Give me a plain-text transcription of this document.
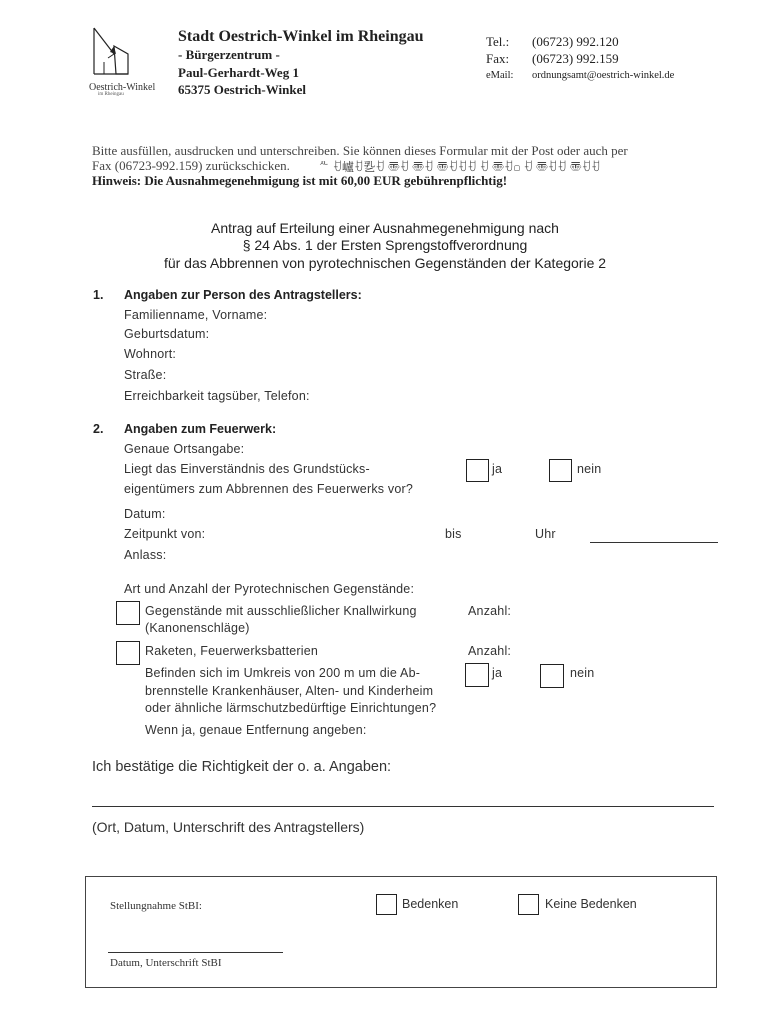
Oestrich-Winkel
im Rheingau
Stadt Oestrich-Winkel im Rheingau
- Bürgerzentrum -
Paul-Gerhardt-Weg 1
65375 Oestrich-Winkel
Tel.: (06723) 992.120
Fax: (06723) 992.159
eMail: ordnungsamt@oestrich-winkel.de
Bitte ausfüllen, ausdrucken und unterschreiben. Sie können dieses Formular mit der Post oder auch per
Fax (06723-992.159) zurückschicken. ᄮ ꀀ㠠ꀀ㐠ꀀ 〠ꀀ 〠ꀀ 〠ꀀꀀꀀ ꀀ 〠ꀀ꤀ ꀀ 〠ꀀꀀ 〠ꀀꀀ
Hinweis: Die Ausnahmegenehmigung ist mit 60,00 EUR gebührenpflichtig!
Antrag auf Erteilung einer Ausnahmegenehmigung nach
§ 24 Abs. 1 der Ersten Sprengstoffverordnung
für das Abbrennen von pyrotechnischen Gegenständen der Kategorie 2
1. Angaben zur Person des Antragstellers:
Familienname, Vorname:
Geburtsdatum:
Wohnort:
Straße:
Erreichbarkeit tagsüber, Telefon:
2. Angaben zum Feuerwerk:
Genaue Ortsangabe:
Liegt das Einverständnis des Grundstücks-
eigentümers zum Abbrennen des Feuerwerks vor?
ja	nein
Datum:
Zeitpunkt von:	bis	Uhr
Anlass:
Art und Anzahl der Pyrotechnischen Gegenstände:
Gegenstände mit ausschließlicher Knallwirkung
(Kanonenschläge)
Anzahl:
Raketen, Feuerwerksbatterien	Anzahl:
Befinden sich im Umkreis von 200 m um die Ab-
brennstelle Krankenhäuser, Alten- und Kinderheim
oder ähnliche lärmschutzbedürftige Einrichtungen?
ja	nein
Wenn ja, genaue Entfernung angeben:
Ich bestätige die Richtigkeit der o. a. Angaben:
(Ort, Datum, Unterschrift des Antragstellers)
Stellungnahme StBI:	Bedenken	Keine Bedenken
Datum, Unterschrift StBI
